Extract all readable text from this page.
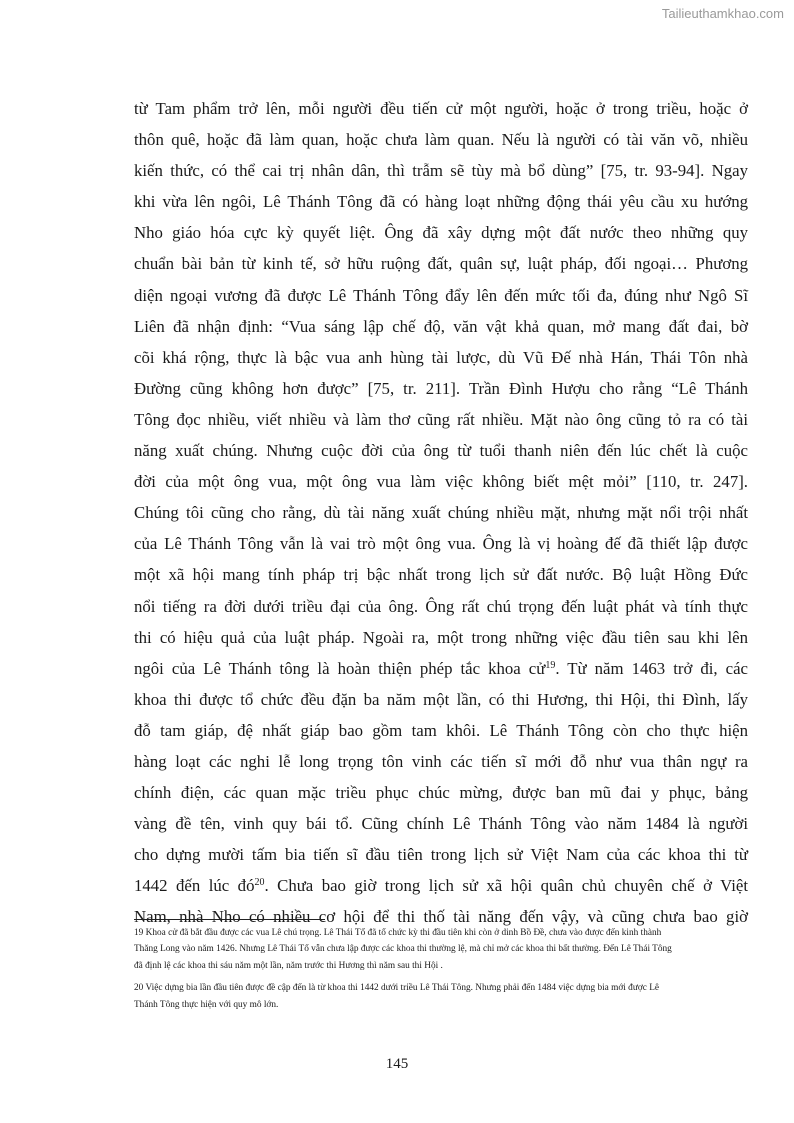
Tailieuthamkhao.com
từ Tam phẩm trở lên, mỗi người đều tiến cử một người, hoặc ở trong triều, hoặc ở
thôn quê, hoặc đã làm quan, hoặc chưa làm quan. Nếu là người có tài văn võ, nhiều
kiến thức, có thể cai trị nhân dân, thì trẫm sẽ tùy mà bổ dùng” [75, tr. 93-94]. Ngay
khi vừa lên ngôi, Lê Thánh Tông đã có hàng loạt những động thái yêu cầu xu hướng
Nho giáo hóa cực kỳ quyết liệt. Ông đã xây dựng một đất nước theo những quy
chuẩn bài bản từ kinh tế, sở hữu ruộng đất, quân sự, luật pháp, đối ngoại… Phương
diện ngoại vương đã được Lê Thánh Tông đẩy lên đến mức tối đa, đúng như Ngô Sĩ
Liên đã nhận định: “Vua sáng lập chế độ, văn vật khả quan, mở mang đất đai, bờ
cõi khá rộng, thực là bậc vua anh hùng tài lược, dù Vũ Đế nhà Hán, Thái Tôn nhà
Đường cũng không hơn được” [75, tr. 211]. Trần Đình Hượu cho rằng “Lê Thánh
Tông đọc nhiều, viết nhiều và làm thơ cũng rất nhiều. Mặt nào ông cũng tỏ ra có tài
năng xuất chúng. Nhưng cuộc đời của ông từ tuổi thanh niên đến lúc chết là cuộc
đời của một ông vua, một ông vua làm việc không biết mệt mỏi” [110, tr. 247].
Chúng tôi cũng cho rằng, dù tài năng xuất chúng nhiều mặt, nhưng mặt nổi trội nhất
của Lê Thánh Tông vẫn là vai trò một ông vua. Ông là vị hoàng đế đã thiết lập được
một xã hội mang tính pháp trị bậc nhất trong lịch sử đất nước. Bộ luật Hồng Đức
nổi tiếng ra đời dưới triều đại của ông. Ông rất chú trọng đến luật phát và tính thực
thi có hiệu quả của luật pháp. Ngoài ra, một trong những việc đầu tiên sau khi lên
ngôi của Lê Thánh tông là hoàn thiện phép tắc khoa cử$^{19}$. Từ năm 1463 trở đi, các
khoa thi được tổ chức đều đặn ba năm một lần, có thi Hương, thi Hội, thi Đình, lấy
đỗ tam giáp, đệ nhất giáp bao gồm tam khôi. Lê Thánh Tông còn cho thực hiện
hàng loạt các nghi lễ long trọng tôn vinh các tiến sĩ mới đỗ như vua thân ngự ra
chính điện, các quan mặc triều phục chúc mừng, được ban mũ đai y phục, bảng
vàng đề tên, vinh quy bái tổ. Cũng chính Lê Thánh Tông vào năm 1484 là người
cho dựng mười tấm bia tiến sĩ đầu tiên trong lịch sử Việt Nam của các khoa thi từ
1442 đến lúc $đó^{20}$. Chưa bao giờ trong lịch sử xã hội quân chủ chuyên chế ở Việt
Nam, nhà Nho có nhiều cơ hội để thi thố tài năng đến vậy, và cũng chưa bao giờ
19 Khoa cử đã bắt đầu được các vua Lê chú trọng. Lê Thái Tổ đã tổ chức kỳ thi đầu tiên khi còn ở dinh Bồ Đề, chưa vào được đến kinh thành
Thăng Long vào năm 1426. Nhưng Lê Thái Tổ vẫn chưa lập được các khoa thi thường lệ, mà chỉ mở các khoa thi bất thường. Đến Lê Thái Tông
đã định lệ các khoa thi sáu năm một lần, năm trước thi Hương thì năm sau thi Hội .
20 Việc dựng bia lần đầu tiên được đề cập đến là từ khoa thi 1442 dưới triều Lê Thái Tông. Nhưng phải đến 1484 việc dựng bia mới được Lê
Thánh Tông thực hiện với quy mô lớn.
145
